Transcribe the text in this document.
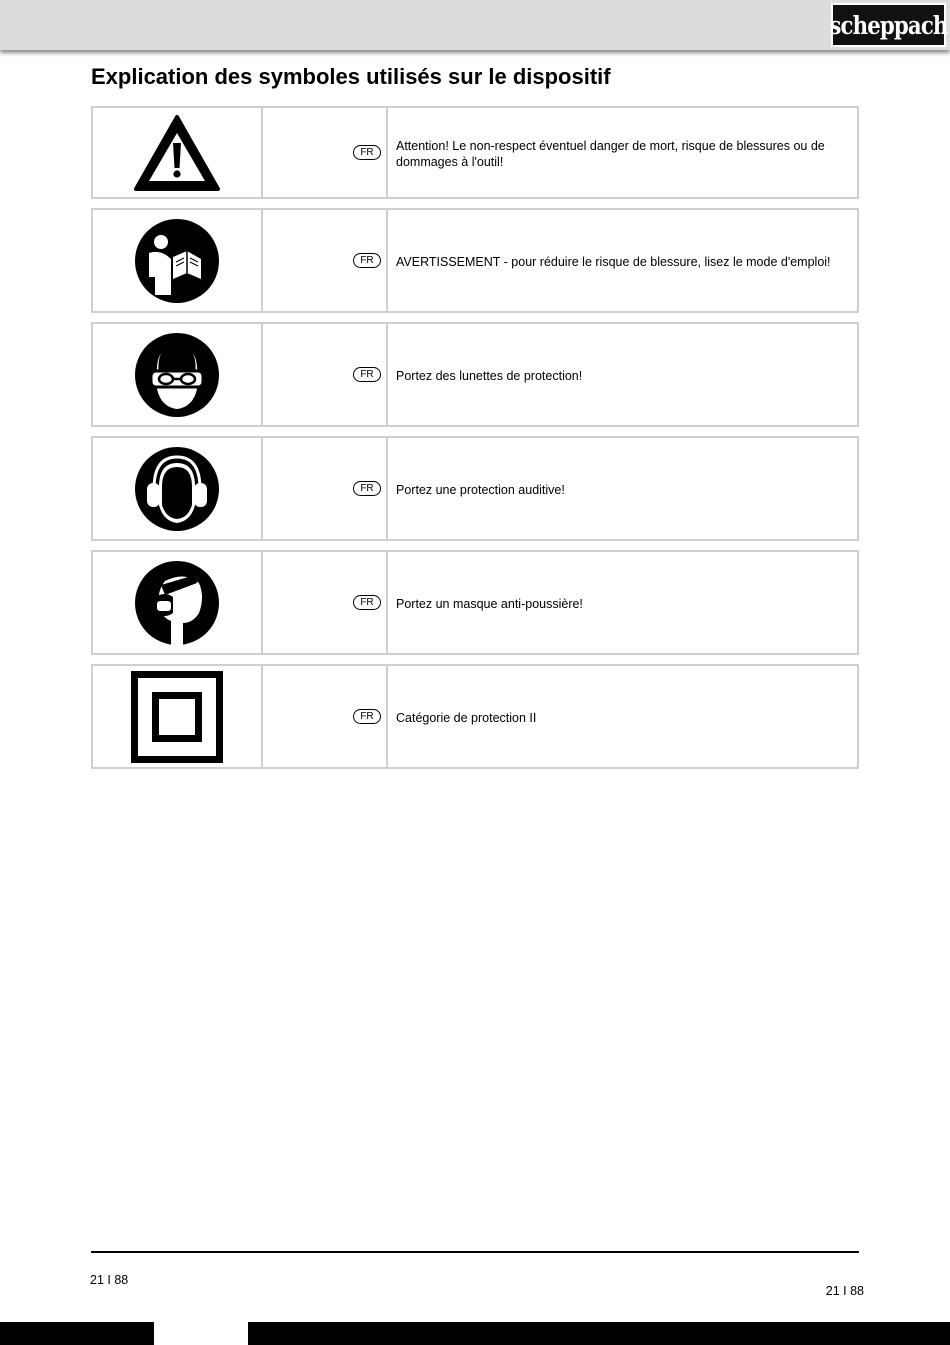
scheppach
Explication des symboles utilisés sur le dispositif
FR	Attention! Le non-respect éventuel danger de mort, risque de blessures ou de dommages à l'outil!
FR	AVERTISSEMENT - pour réduire le risque de blessure, lisez le mode d'emploi!
FR	Portez des lunettes de protection!
FR	Portez une protection auditive!
FR	Portez un masque anti-poussière!
FR	Catégorie de protection II
21 I 88
21 I 88
